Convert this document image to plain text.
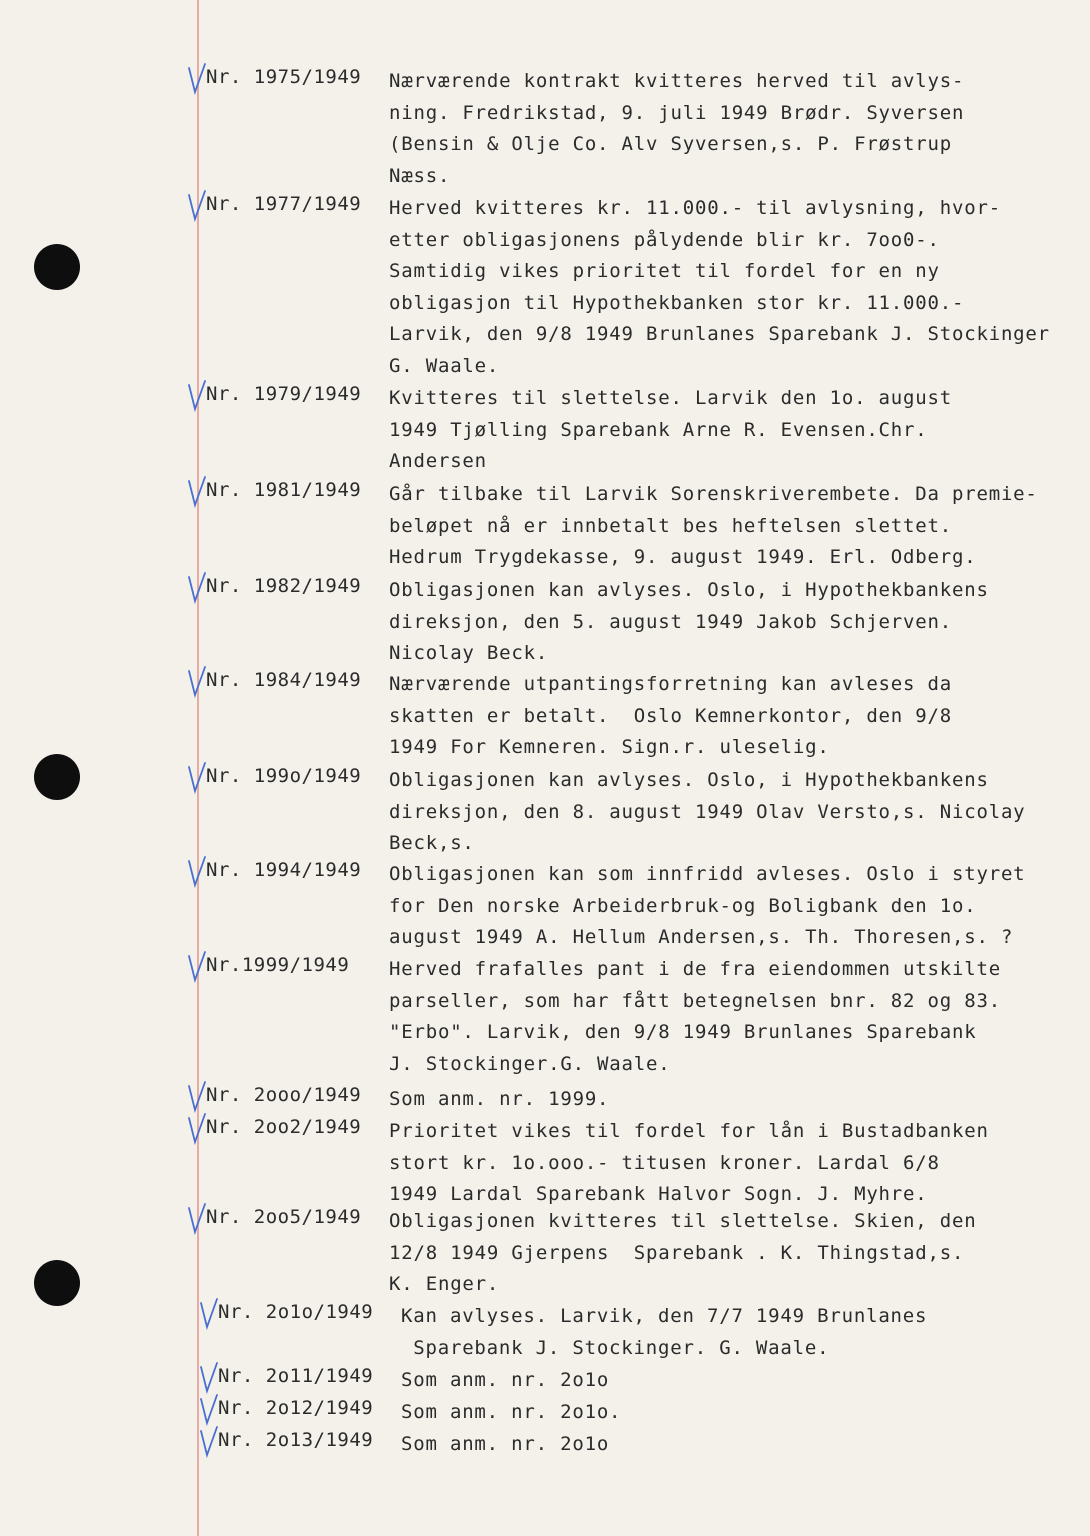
Nr. 1975/1949 Nærværende kontrakt kvitteres herved til avlys-
ning. Fredrikstad, 9. juli 1949 Brødr. Syversen
(Bensin & Olje Co. Alv Syversen,s. P. Frøstrup
Næss.
Nr. 1977/1949 Herved kvitteres kr. 11.000.- til avlysning, hvor-
etter obligasjonens pålydende blir kr. 7oo0-.
Samtidig vikes prioritet til fordel for en ny
obligasjon til Hypothekbanken stor kr. 11.000.-
Larvik, den 9/8 1949 Brunlanes Sparebank J. Stockinger
G. Waale.
Nr. 1979/1949 Kvitteres til slettelse. Larvik den 1o. august
1949 Tjølling Sparebank Arne R. Evensen.Chr.
Andersen
Nr. 1981/1949 Går tilbake til Larvik Sorenskriverembete. Da premie-
beløpet nå er innbetalt bes heftelsen slettet.
Hedrum Trygdekasse, 9. august 1949. Erl. Odberg.
Nr. 1982/1949 Obligasjonen kan avlyses. Oslo, i Hypothekbankens
direksjon, den 5. august 1949 Jakob Schjerven.
Nicolay Beck.
Nr. 1984/1949 Nærværende utpantingsforretning kan avleses da
skatten er betalt.  Oslo Kemnerkontor, den 9/8
1949 For Kemneren. Sign.r. uleselig.
Nr. 199o/1949 Obligasjonen kan avlyses. Oslo, i Hypothekbankens
direksjon, den 8. august 1949 Olav Versto,s. Nicolay
Beck,s.
Nr. 1994/1949 Obligasjonen kan som innfridd avleses. Oslo i styret
for Den norske Arbeiderbruk-og Boligbank den 1o.
august 1949 A. Hellum Andersen,s. Th. Thoresen,s. ?
Nr.1999/1949 Herved frafalles pant i de fra eiendommen utskilte
parseller, som har fått betegnelsen bnr. 82 og 83.
"Erbo". Larvik, den 9/8 1949 Brunlanes Sparebank
J. Stockinger.G. Waale.
Nr. 2ooo/1949 Som anm. nr. 1999.
Nr. 2oo2/1949 Prioritet vikes til fordel for lån i Bustadbanken
stort kr. 1o.ooo.- titusen kroner. Lardal 6/8
1949 Lardal Sparebank Halvor Sogn. J. Myhre.
Nr. 2oo5/1949 Obligasjonen kvitteres til slettelse. Skien, den
12/8 1949 Gjerpens  Sparebank . K. Thingstad,s.
K. Enger.
Nr. 2o1o/1949 Kan avlyses. Larvik, den 7/7 1949 Brunlanes
Sparebank J. Stockinger. G. Waale.
Nr. 2o11/1949 Som anm. nr. 2o1o
Nr. 2o12/1949 Som anm. nr. 2o1o.
Nr. 2o13/1949 Som anm. nr. 2o1o
